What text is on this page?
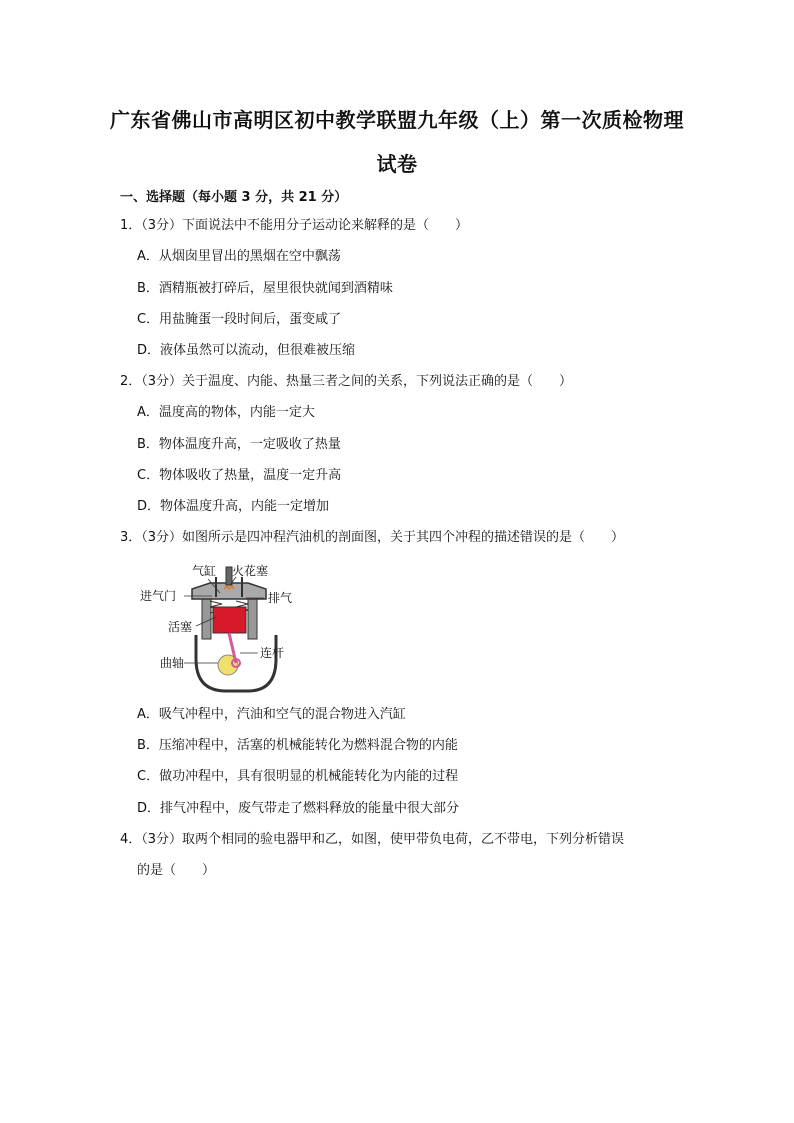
广东省佛山市高明区初中教学联盟九年级（上）第一次质检物理
试卷
一、选择题（每小题 3 分，共 21 分）
1．（3分）下面说法中不能用分子运动论来解释的是（　　）
A．从烟囱里冒出的黑烟在空中飘荡
B．酒精瓶被打碎后，屋里很快就闻到酒精味
C．用盐腌蛋一段时间后，蛋变咸了
D．液体虽然可以流动，但很难被压缩
2．（3分）关于温度、内能、热量三者之间的关系，下列说法正确的是（　　）
A．温度高的物体，内能一定大
B．物体温度升高，一定吸收了热量
C．物体吸收了热量，温度一定升高
D．物体温度升高，内能一定增加
3．（3分）如图所示是四冲程汽油机的剖面图，关于其四个冲程的描述错误的是（　　）
气缸 火花塞
进气门	排气
活塞
连杆
曲轴
A．吸气冲程中，汽油和空气的混合物进入汽缸
B．压缩冲程中，活塞的机械能转化为燃料混合物的内能
C．做功冲程中，具有很明显的机械能转化为内能的过程
D．排气冲程中，废气带走了燃料释放的能量中很大部分
4．（3分）取两个相同的验电器甲和乙，如图，使甲带负电荷，乙不带电，下列分析错误
的是（　　）
